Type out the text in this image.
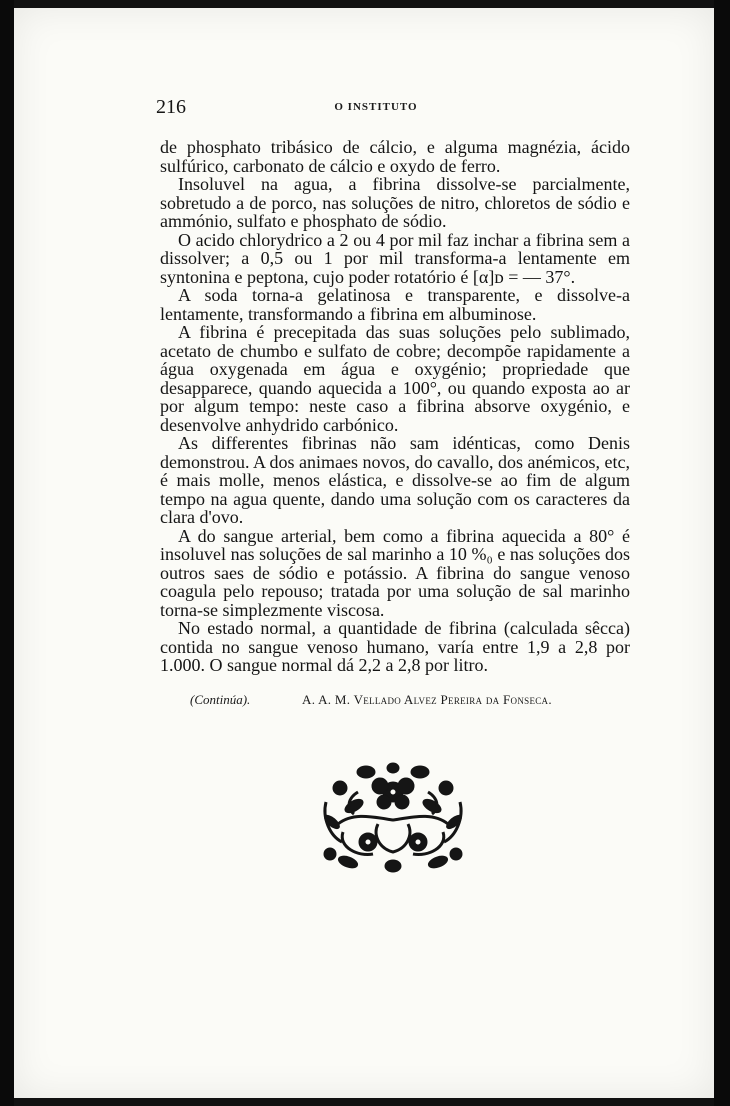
216	O INSTITUTO

de phosphato tribásico de cálcio, e alguma magnézia, ácido sulfúrico, carbonato de cálcio e oxydo de ferro.

Insoluvel na agua, a fibrina dissolve-se parcialmente, sobretudo a de porco, nas soluções de nitro, chloretos de sódio e ammónio, sulfato e phosphato de sódio.

O acido chlorydrico a 2 ou 4 por mil faz inchar a fibrina sem a dissolver; a 0,5 ou 1 por mil transforma-a lentamente em syntonina e peptona, cujo poder rotatório é [α]ᴅ = — 37°.

A soda torna-a gelatinosa e transparente, e dissolve-a lentamente, transformando a fibrina em albuminose.

A fibrina é precepitada das suas soluções pelo sublimado, acetato de chumbo e sulfato de cobre; decompõe rapidamente a água oxygenada em água e oxygénio; propriedade que desapparece, quando aquecida a 100°, ou quando exposta ao ar por algum tempo: neste caso a fibrina absorve oxygénio, e desenvolve anhydrido carbónico.

As differentes fibrinas não sam idénticas, como Denis demonstrou. A dos animaes novos, do cavallo, dos anémicos, etc, é mais molle, menos elástica, e dissolve-se ao fim de algum tempo na agua quente, dando uma solução com os caracteres da clara d'ovo.

A do sangue arterial, bem como a fibrina aquecida a 80° é insoluvel nas soluções de sal marinho a 10 %₀ e nas soluções dos outros saes de sódio e potássio. A fibrina do sangue venoso coagula pelo repouso; tratada por uma solução de sal marinho torna-se simplezmente viscosa.

No estado normal, a quantidade de fibrina (calculada sêcca) contida no sangue venoso humano, varía entre 1,9 a 2,8 por 1.000. O sangue normal dá 2,2 a 2,8 por litro.

(Continúa).	A. A. M. Vellado Alvez Pereira da Fonseca.
